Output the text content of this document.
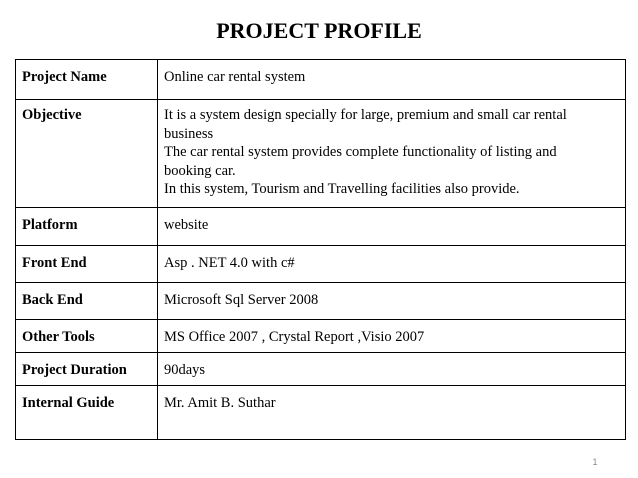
PROJECT PROFILE
Project Name	Online car rental system
Objective	It is a system design specially for large, premium and small car rental
business
The car rental system provides complete functionality of listing and
booking car.
In this system, Tourism and Travelling facilities also provide.

Platform	website
Front End	Asp . NET 4.0 with c#
Back End	Microsoft Sql Server 2008
Other Tools	MS Office 2007 , Crystal Report ,Visio 2007
Project Duration	90days
Internal Guide	Mr. Amit B. Suthar
1
